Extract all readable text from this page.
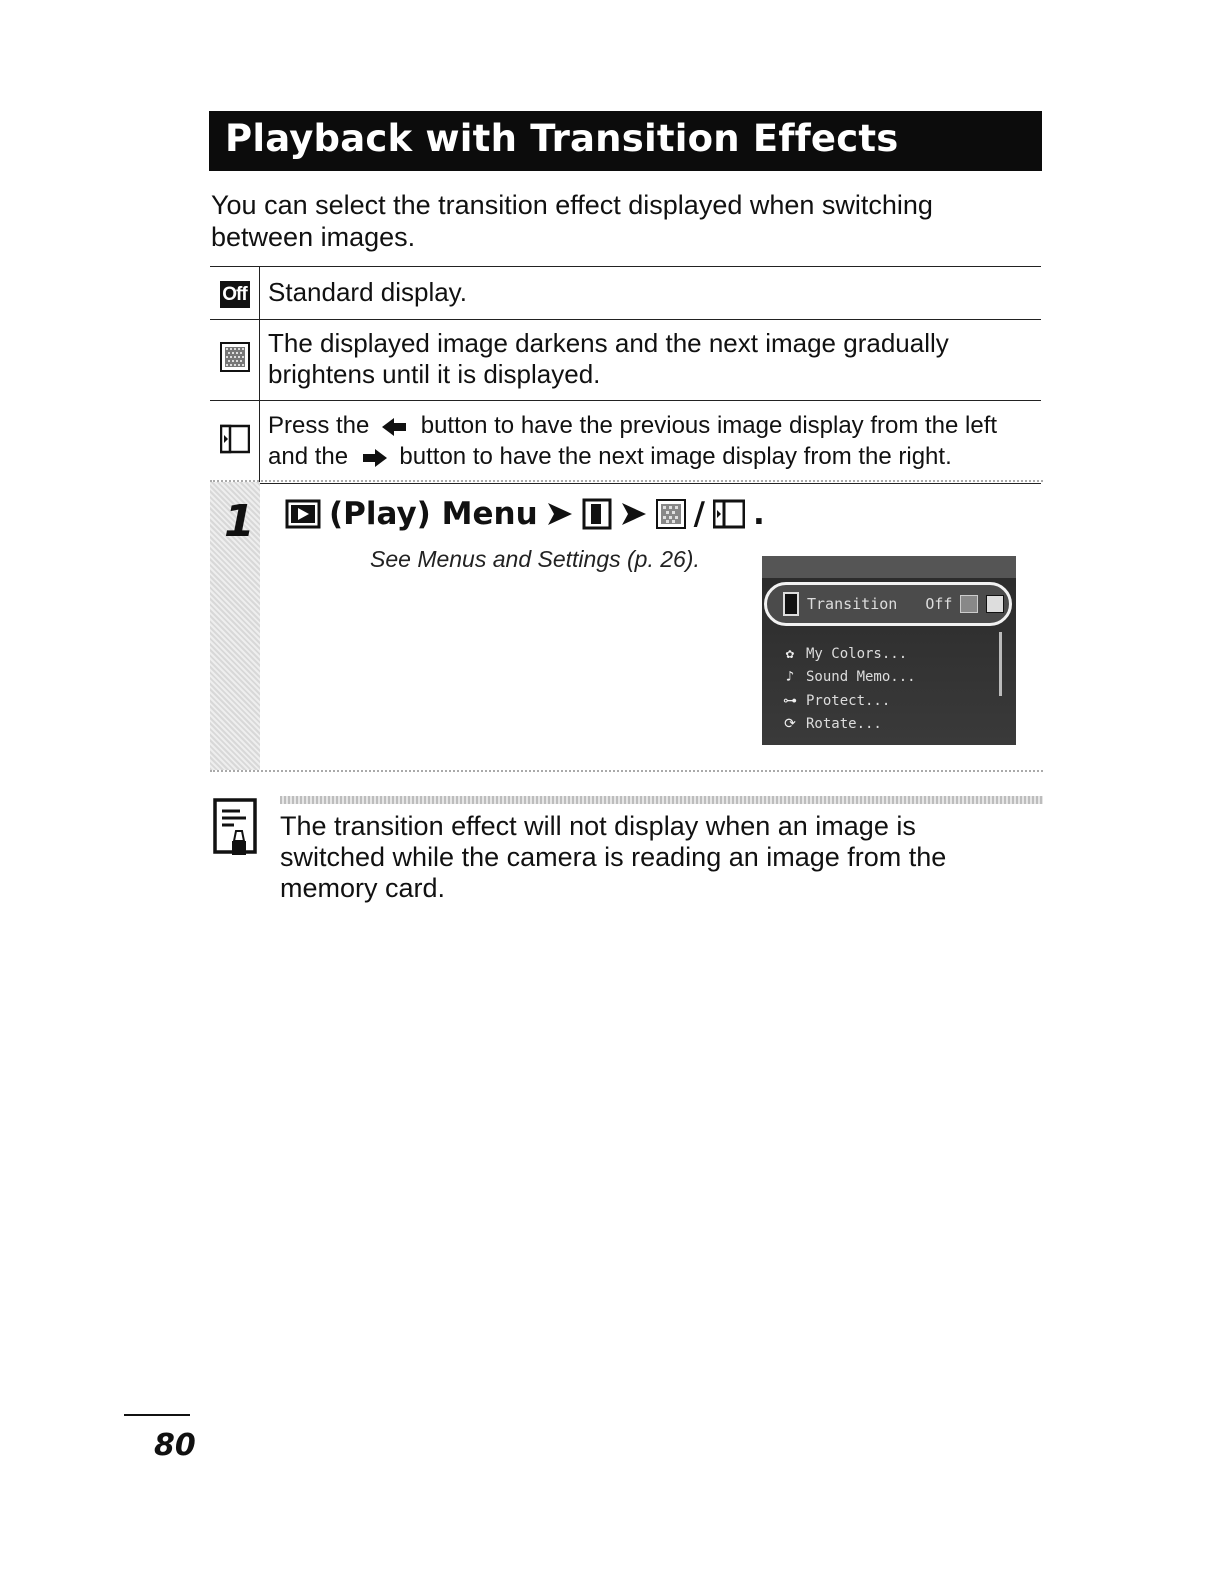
Playback with Transition Effects
You can select the transition effect displayed when switching between images.
Off	Standard display.
	The displayed image darkens and the next image gradually brightens until it is displayed.
	Press the button to have the previous image display from the left
and the button to have the next image display from the right.
1 (Play) Menu	/ .
See Menus and Settings (p. 26).
Transition Off
✿ My Colors...
♪ Sound Memo...
⊶ Protect...
⟳ Rotate...
The transition effect will not display when an image is switched while the camera is reading an image from the memory card.
80
